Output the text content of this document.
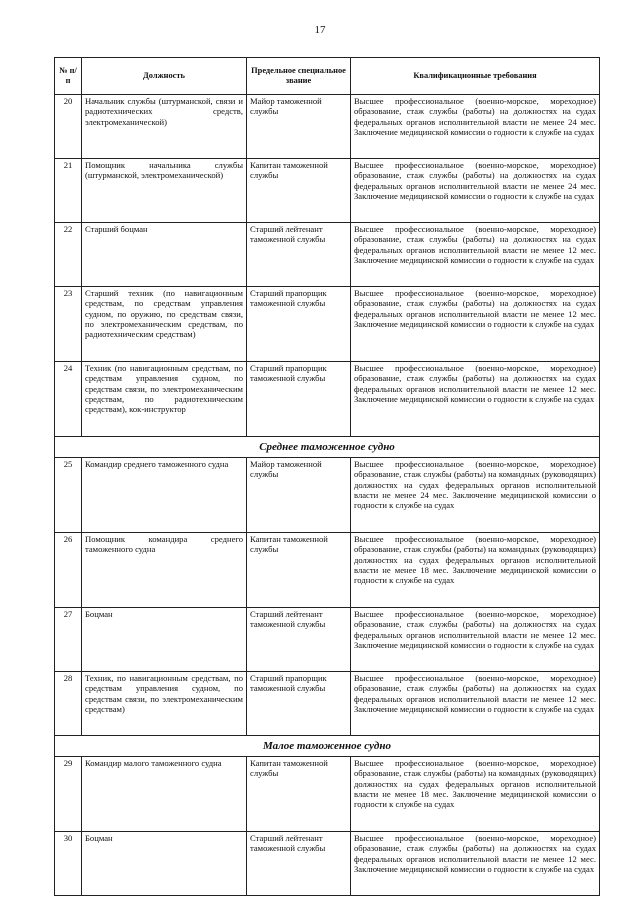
17
№ п/п	Должность	Предельное специальное звание	Квалификационные требования
20	Начальник службы (штурманской, связи и радиотехнических средств, электромеханической)	Майор таможенной службы	Высшее профессиональное (военно-морское, мореходное) образование, стаж службы (работы) на должностях на судах федеральных органов исполнительной власти не менее 24 мес. Заключение медицинской комиссии о годности к службе на судах
21	Помощник начальника службы (штурманской, электромеханической)	Капитан таможенной службы	Высшее профессиональное (военно-морское, мореходное) образование, стаж службы (работы) на должностях на судах федеральных органов исполнительной власти не менее 24 мес. Заключение медицинской комиссии о годности к службе на судах
22	Старший боцман	Старший лейтенант таможенной службы	Высшее профессиональное (военно-морское, мореходное) образование, стаж службы (работы) на должностях на судах федеральных органов исполнительной власти не менее 12 мес. Заключение медицинской комиссии о годности к службе на судах
23	Старший техник (по навигационным средствам, по средствам управления судном, по оружию, по средствам связи, по электромеханическим средствам, по радиотехническим средствам)	Старший прапорщик таможенной службы	Высшее профессиональное (военно-морское, мореходное) образование, стаж службы (работы) на должностях на судах федеральных органов исполнительной власти не менее 12 мес. Заключение медицинской комиссии о годности к службе на судах
24	Техник (по навигационным средствам, по средствам управления судном, по средствам связи, по электромеханическим средствам, по радиотехническим средствам), кок-инструктор	Старший прапорщик таможенной службы	Высшее профессиональное (военно-морское, мореходное) образование, стаж службы (работы) на должностях на судах федеральных органов исполнительной власти не менее 12 мес. Заключение медицинской комиссии о годности к службе на судах
Среднее таможенное судно			
25	Командир среднего таможенного судна	Майор таможенной службы	Высшее профессиональное (военно-морское, мореходное) образование, стаж службы (работы) на командных (руководящих) должностях на судах федеральных органов исполнительной власти не менее 24 мес. Заключение медицинской комиссии о годности к службе на судах
26	Помощник командира среднего таможенного судна	Капитан таможенной службы	Высшее профессиональное (военно-морское, мореходное) образование, стаж службы (работы) на командных (руководящих) должностях на судах федеральных органов исполнительной власти не менее 18 мес. Заключение медицинской комиссии о годности к службе на судах
27	Боцман	Старший лейтенант таможенной службы	Высшее профессиональное (военно-морское, мореходное) образование, стаж службы (работы) на должностях на судах федеральных органов исполнительной власти не менее 12 мес. Заключение медицинской комиссии о годности к службе на судах
28	Техник, по навигационным средствам, по средствам управления судном, по средствам связи, по электромеханическим средствам)	Старший прапорщик таможенной службы	Высшее профессиональное (военно-морское, мореходное) образование, стаж службы (работы) на должностях на судах федеральных органов исполнительной власти не менее 12 мес. Заключение медицинской комиссии о годности к службе на судах
Малое таможенное судно			
29	Командир малого таможенного судна	Капитан таможенной службы	Высшее профессиональное (военно-морское, мореходное) образование, стаж службы (работы) на командных (руководящих) должностях на судах федеральных органов исполнительной власти не менее 18 мес. Заключение медицинской комиссии о годности к службе на судах
30	Боцман	Старший лейтенант таможенной службы	Высшее профессиональное (военно-морское, мореходное) образование, стаж службы (работы) на должностях на судах федеральных органов исполнительной власти не менее 12 мес. Заключение медицинской комиссии о годности к службе на судах
